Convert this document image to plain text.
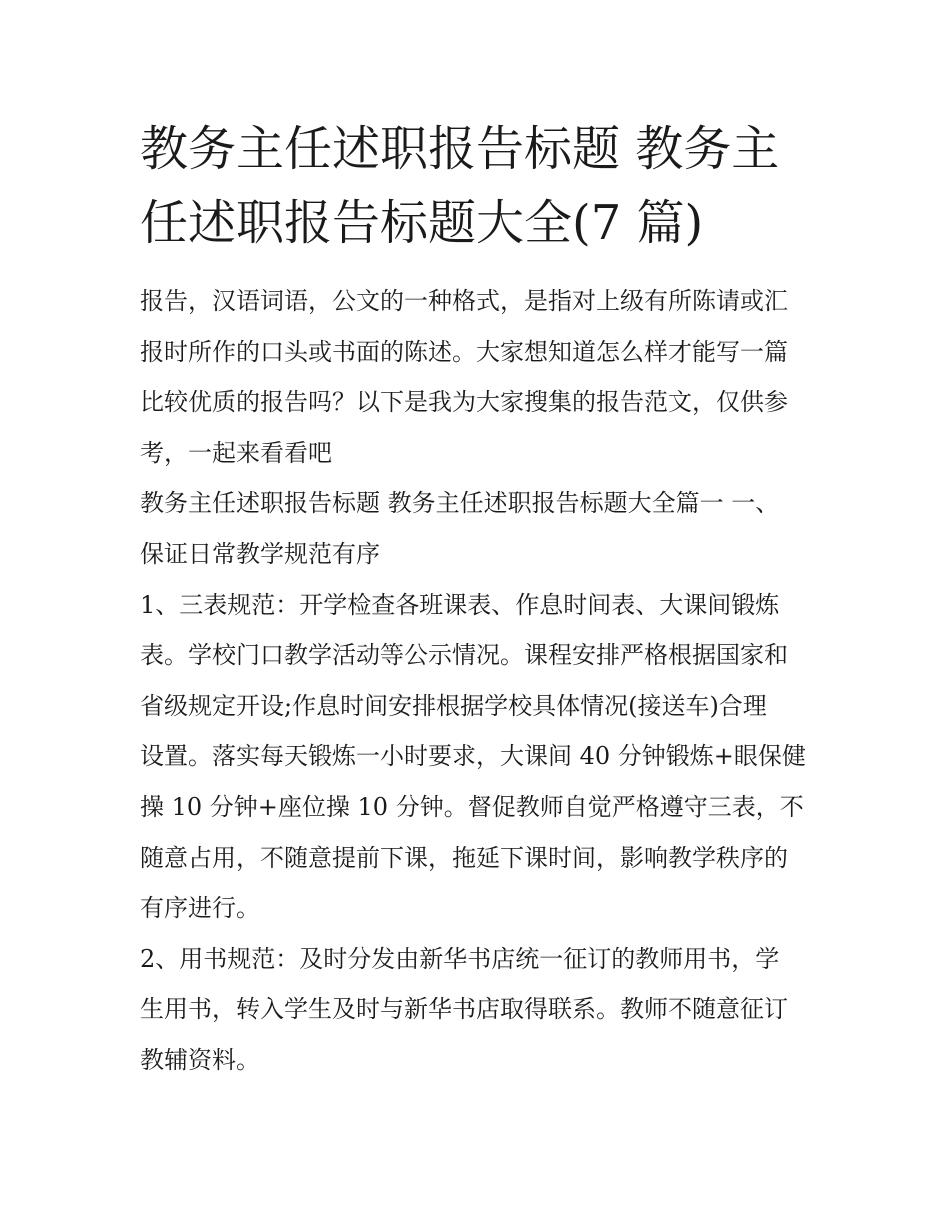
教务主任述职报告标题 教务主
任述职报告标题大全(7 篇)

报告，汉语词语，公文的一种格式，是指对上级有所陈请或汇
报时所作的口头或书面的陈述。大家想知道怎么样才能写一篇
比较优质的报告吗？以下是我为大家搜集的报告范文，仅供参
考，一起来看看吧

教务主任述职报告标题 教务主任述职报告标题大全篇一 一、
保证日常教学规范有序

1、三表规范：开学检查各班课表、作息时间表、大课间锻炼
表。学校门口教学活动等公示情况。课程安排严格根据国家和
省级规定开设;作息时间安排根据学校具体情况(接送车)合理
设置。落实每天锻炼一小时要求，大课间 40 分钟锻炼+眼保健
操 10 分钟+座位操 10 分钟。督促教师自觉严格遵守三表，不
随意占用，不随意提前下课，拖延下课时间，影响教学秩序的
有序进行。

2、用书规范：及时分发由新华书店统一征订的教师用书，学
生用书，转入学生及时与新华书店取得联系。教师不随意征订
教辅资料。
